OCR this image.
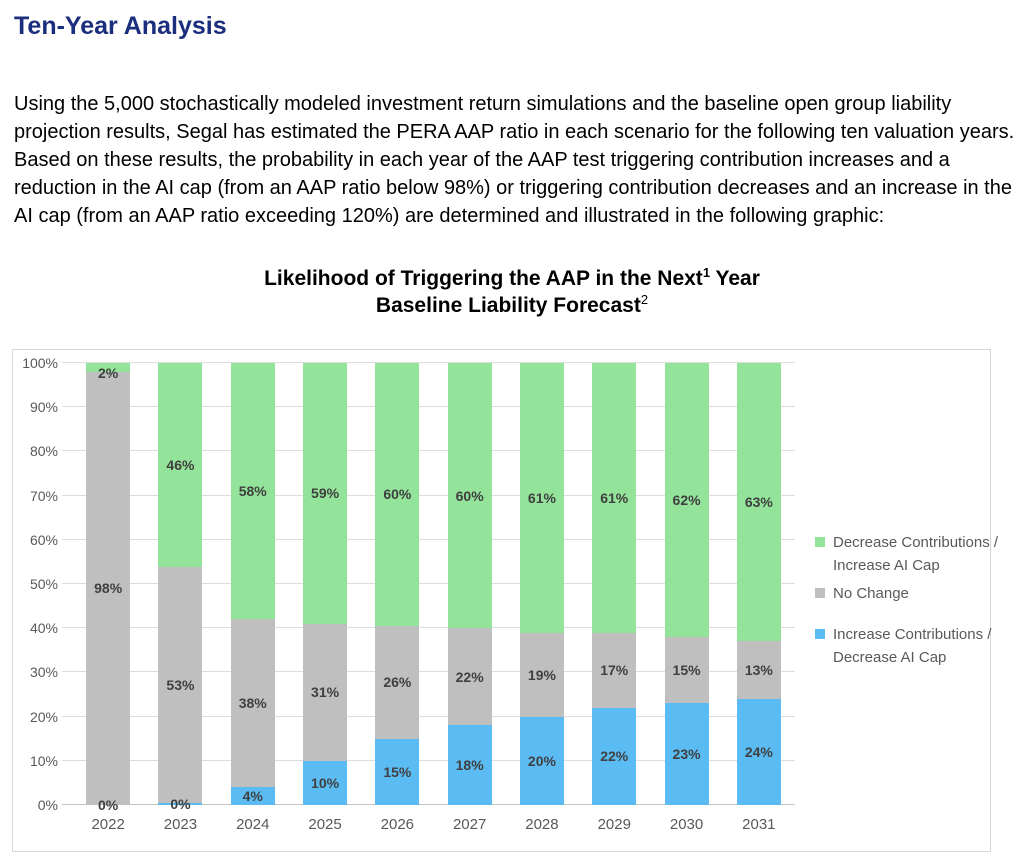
Ten-Year Analysis

Using the 5,000 stochastically modeled investment return simulations and the baseline open group liability projection results, Segal has estimated the PERA AAP ratio in each scenario for the following ten valuation years. Based on these results, the probability in each year of the AAP test triggering contribution increases and a reduction in the AI cap (from an AAP ratio below 98%) or triggering contribution decreases and an increase in the AI cap (from an AAP ratio exceeding 120%) are determined and illustrated in the following graphic:

Likelihood of Triggering the AAP in the Next$^1$ Year
Baseline Liability Forecast$^2$
0%
10%
20%
30%
40%
50%
60%
70%
80%
90%
100%
2022
0%
98%
2%
2023
0%
53%
46%
2024
4%
38%
58%
2025
10%
31%
59%
2026
15%
26%
60%
2027
18%
22%
60%
2028
20%
19%
61%
2029
22%
17%
61%
2030
23%
15%
62%
2031
24%
13%
63%
Decrease Contributions / Increase AI Cap
No Change
Increase Contributions / Decrease AI Cap
